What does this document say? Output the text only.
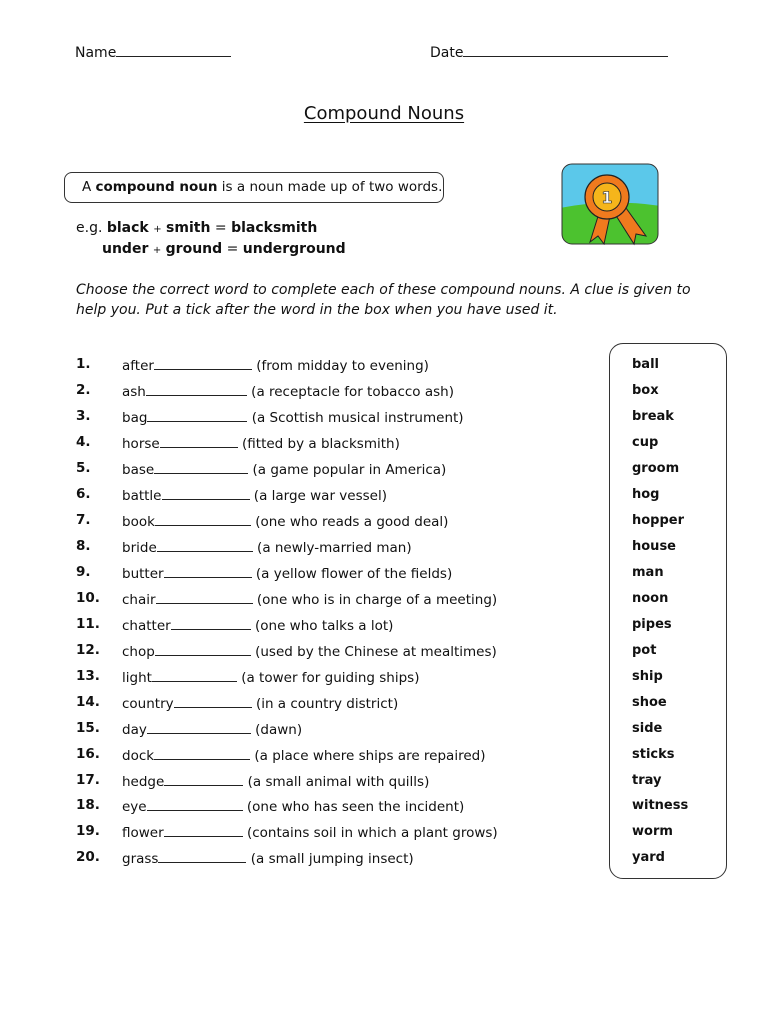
Name	Date
Compound Nouns
A compound noun is a noun made up of two words.
e.g. black + smith = blacksmith
under + ground = underground
1
Choose the correct word to complete each of these compound nouns. A clue is given to help you. Put a tick after the word in the box when you have used it.
1. after	(from midday to evening)
2. ash	(a receptacle for tobacco ash)
3. bag	(a Scottish musical instrument)
4. horse	(fitted by a blacksmith)
5. base	(a game popular in America)
6. battle	(a large war vessel)
7. book	(one who reads a good deal)
8. bride	(a newly-married man)
9. butter	(a yellow flower of the fields)
10. chair	(one who is in charge of a meeting)
11. chatter	(one who talks a lot)
12. chop	(used by the Chinese at mealtimes)
13. light	(a tower for guiding ships)
14. country	(in a country district)
15. day	(dawn)
16. dock	(a place where ships are repaired)
17. hedge	(a small animal with quills)
18. eye	(one who has seen the incident)
19. flower	(contains soil in which a plant grows)
20. grass	(a small jumping insect)
ball
box
break
cup
groom
hog
hopper
house
man
noon
pipes
pot
ship
shoe
side
sticks
tray
witness
worm
yard
